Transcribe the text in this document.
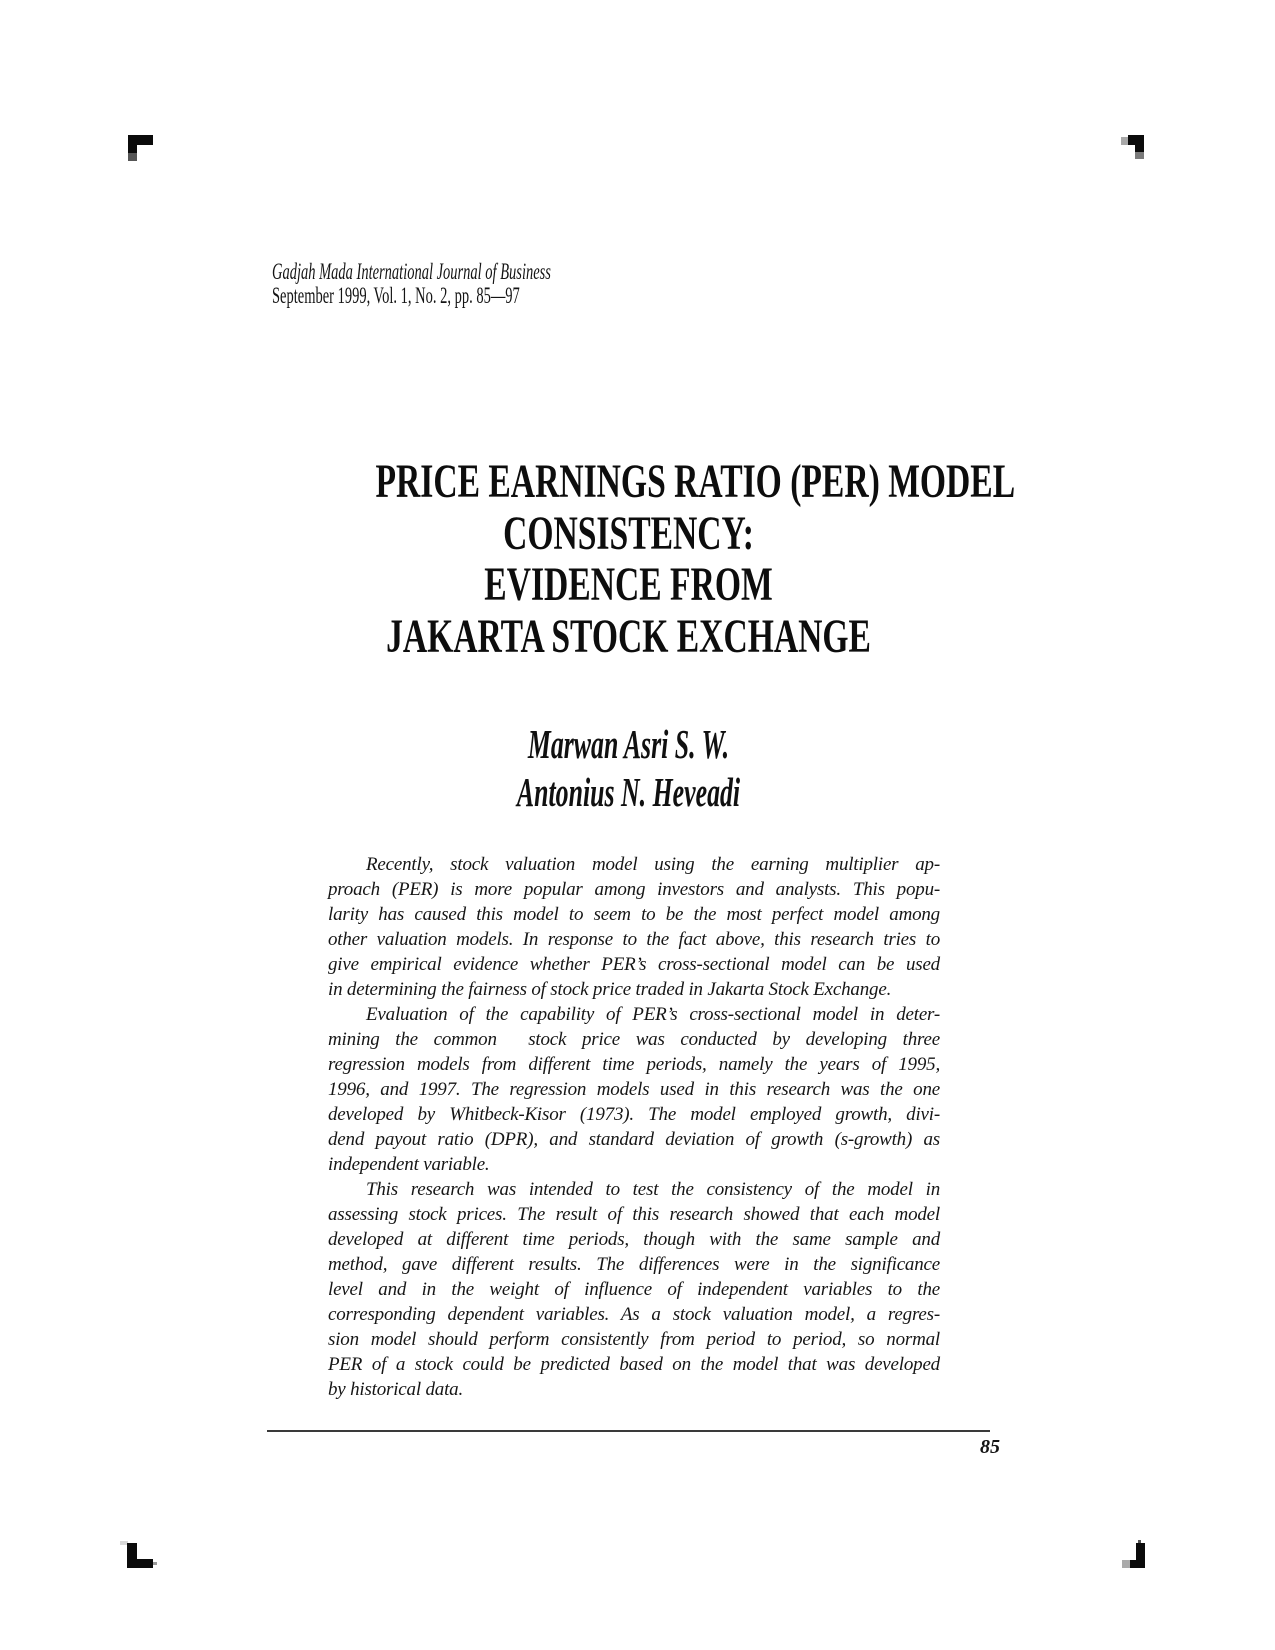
Gadjah Mada International Journal of Business
September 1999, Vol. 1, No. 2, pp. 85—97
PRICE EARNINGS RATIO (PER) MODEL
CONSISTENCY:
EVIDENCE FROM
JAKARTA STOCK EXCHANGE
Marwan Asri S. W.
Antonius N. Heveadi
Recently, stock valuation model using the earning multiplier ap-
proach (PER) is more popular among investors and analysts. This popu-
larity has caused this model to seem to be the most perfect model among
other valuation models. In response to the fact above, this research tries to
give empirical evidence whether PER’s cross-sectional model can be used
in determining the fairness of stock price traded in Jakarta Stock Exchange.
Evaluation of the capability of PER’s cross-sectional model in deter-
mining the common  stock price was conducted by developing three
regression models from different time periods, namely the years of 1995,
1996, and 1997. The regression models used in this research was the one
developed by Whitbeck-Kisor (1973). The model employed growth, divi-
dend payout ratio (DPR), and standard deviation of growth (s-growth) as
independent variable.
This research was intended to test the consistency of the model in
assessing stock prices. The result of this research showed that each model
developed at different time periods, though with the same sample and
method, gave different results. The differences were in the significance
level and in the weight of influence of independent variables to the
corresponding dependent variables. As a stock valuation model, a regres-
sion model should perform consistently from period to period, so normal
PER of a stock could be predicted based on the model that was developed
by historical data.
85
